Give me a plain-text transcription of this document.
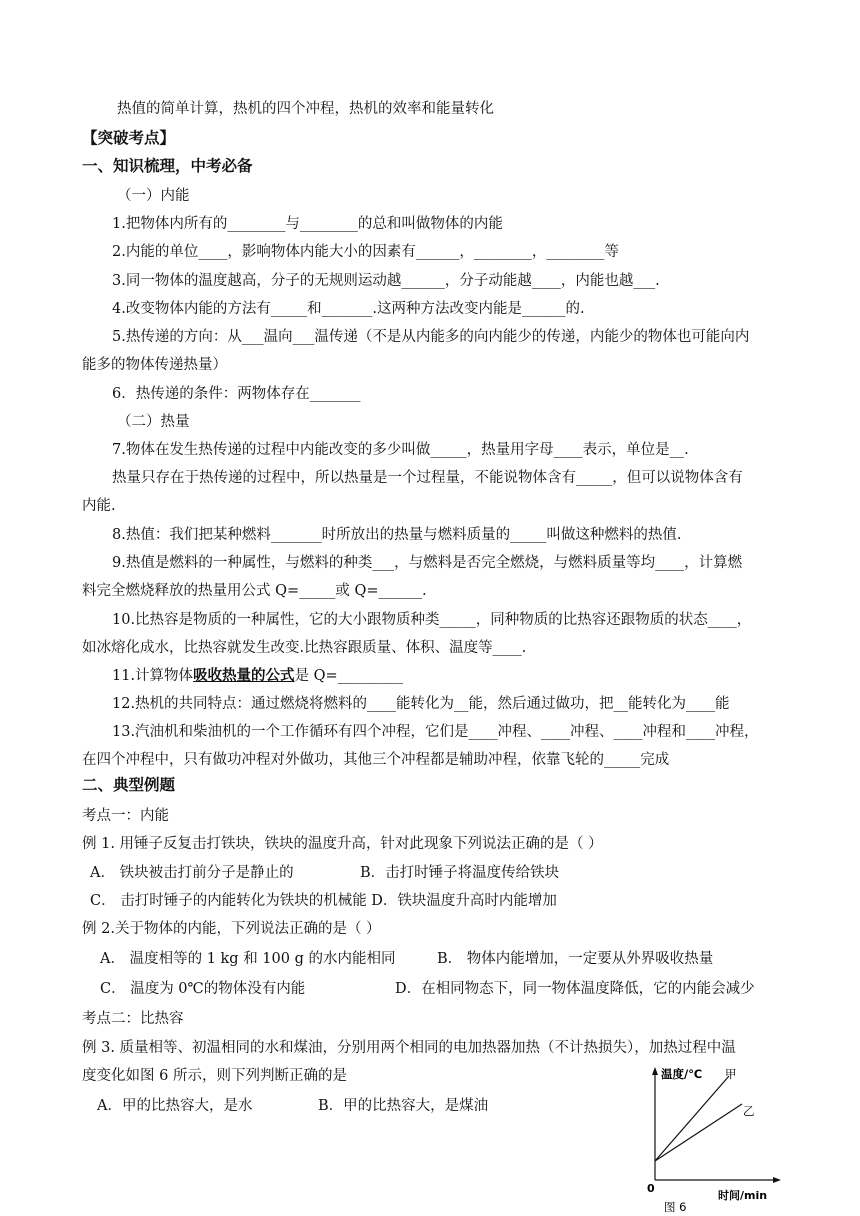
热值的简单计算，热机的四个冲程，热机的效率和能量转化
【突破考点】
一、知识梳理，中考必备
（一）内能
1.把物体内所有的________与________的总和叫做物体的内能
2.内能的单位____，影响物体内能大小的因素有______，________，________等
3.同一物体的温度越高，分子的无规则运动越______，分子动能越____，内能也越___.
4.改变物体内能的方法有_____和_______.这两种方法改变内能是______的.
5.热传递的方向：从___温向___温传递（不是从内能多的向内能少的传递，内能少的物体也可能向内
能多的物体传递热量）
6．热传递的条件：两物体存在_______
（二）热量
7.物体在发生热传递的过程中内能改变的多少叫做_____，热量用字母____表示，单位是__.
热量只存在于热传递的过程中，所以热量是一个过程量，不能说物体含有_____，但可以说物体含有
内能.
8.热值：我们把某种燃料_______时所放出的热量与燃料质量的_____叫做这种燃料的热值.
9.热值是燃料的一种属性，与燃料的种类___，与燃料是否完全燃烧，与燃料质量等均____，计算燃
料完全燃烧释放的热量用公式 Q=_____或 Q=______.
10.比热容是物质的一种属性，它的大小跟物质种类_____，同种物质的比热容还跟物质的状态____，
如冰熔化成水，比热容就发生改变.比热容跟质量、体积、温度等____.
11.计算物体吸收热量的公式是 Q=_________
12.热机的共同特点：通过燃烧将燃料的____能转化为__能，然后通过做功，把__能转化为____能
13.汽油机和柴油机的一个工作循环有四个冲程，它们是____冲程、____冲程、____冲程和____冲程，
在四个冲程中，只有做功冲程对外做功，其他三个冲程都是辅助冲程，依靠飞轮的_____完成
二、典型例题
考点一：内能
例 1. 用锤子反复击打铁块，铁块的温度升高，针对此现象下列说法正确的是（ ）
A． 铁块被击打前分子是静止的	B．击打时锤子将温度传给铁块
C． 击打时锤子的内能转化为铁块的机械能 D．铁块温度升高时内能增加
例 2.关于物体的内能，下列说法正确的是（ ）
A． 温度相等的 1 kg 和 100 g 的水内能相同	B． 物体内能增加，一定要从外界吸收热量
C． 温度为 0℃的物体没有内能	D．在相同物态下，同一物体温度降低，它的内能会减少
考点二：比热容
例 3. 质量相等、初温相同的水和煤油，分别用两个相同的电加热器加热（不计热损失），加热过程中温
度变化如图 6 所示，则下列判断正确的是
A．甲的比热容大，是水	B．甲的比热容大，是煤油
温度/℃ 甲
乙
0
时间/min
图 6
